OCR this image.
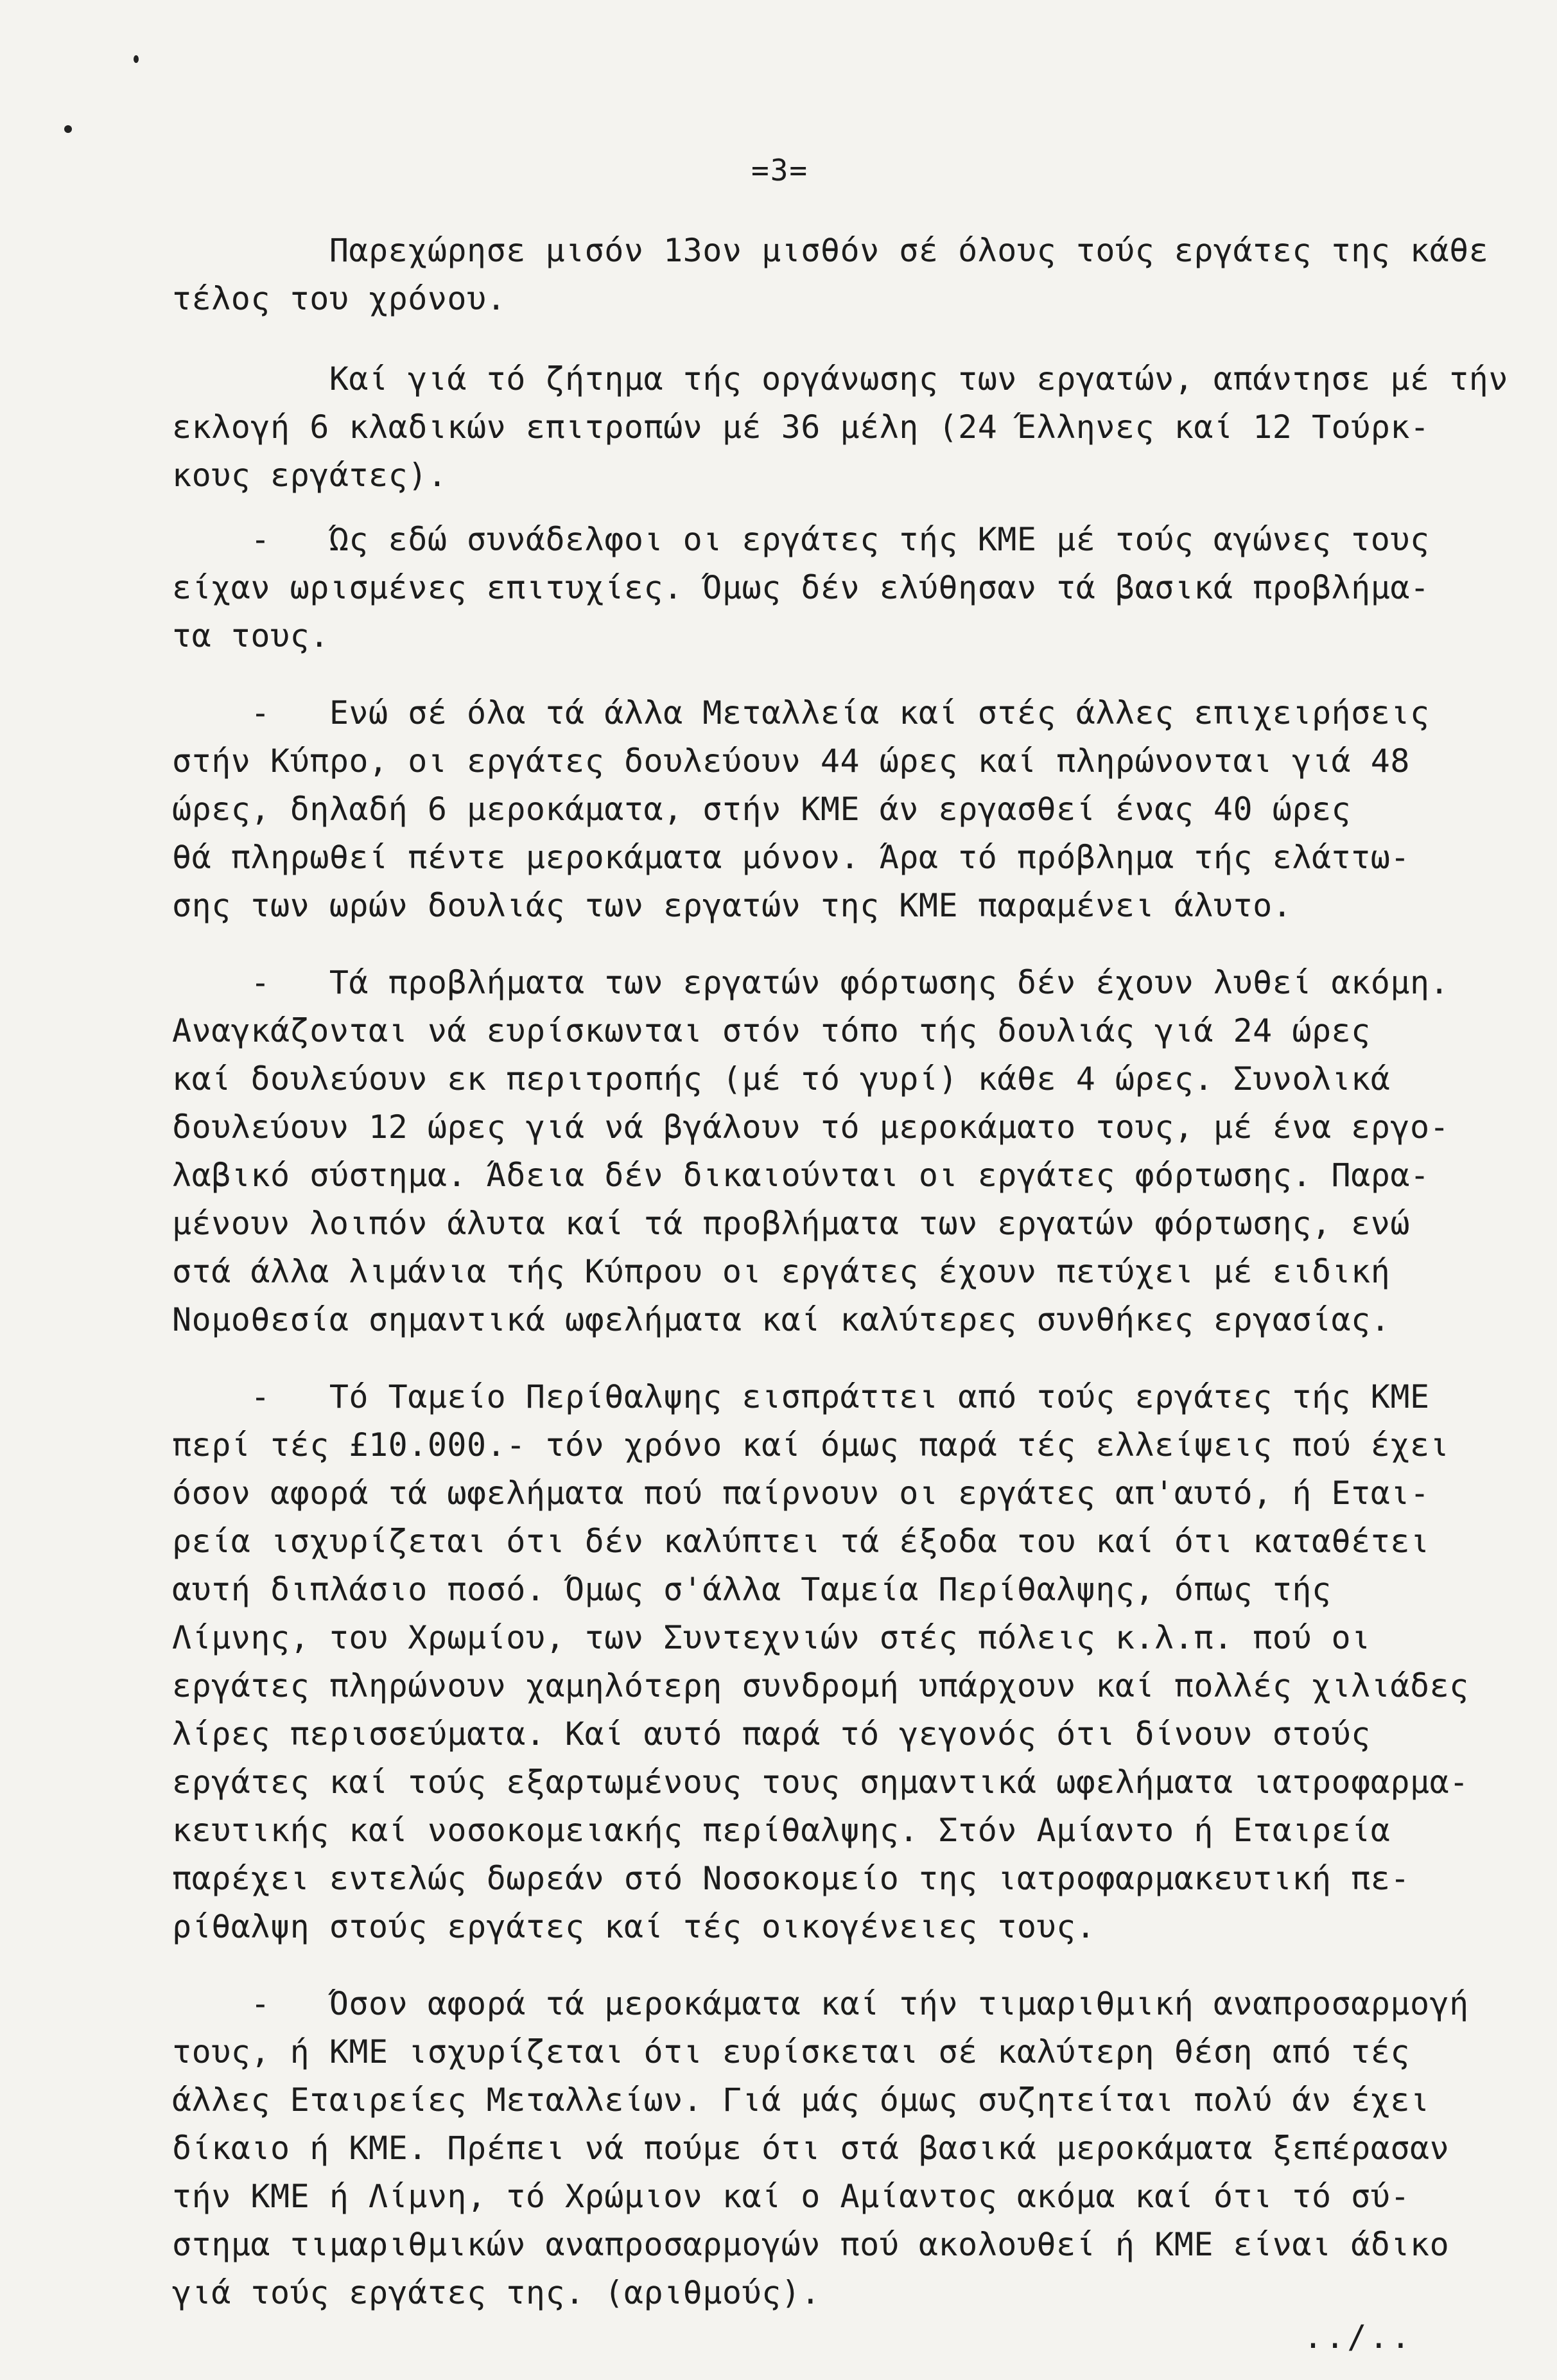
=3=
Παρεχώρησε μισόν 13ον μισθόν σέ όλους τούς εργάτες της κάθε
τέλος του χρόνου.
Καί γιά τό ζήτημα τής οργάνωσης των εργατών, απάντησε μέ τήν
εκλογή 6 κλαδικών επιτροπών μέ 36 μέλη (24 Έλληνες καί 12 Τούρκ-
κους εργάτες).
-   Ώς εδώ συνάδελφοι οι εργάτες τής ΚΜΕ μέ τούς αγώνες τους
είχαν ωρισμένες επιτυχίες. Όμως δέν ελύθησαν τά βασικά προβλήμα-
τα τους.
-   Ενώ σέ όλα τά άλλα Μεταλλεία καί στές άλλες επιχειρήσεις
στήν Κύπρο, οι εργάτες δουλεύουν 44 ώρες καί πληρώνονται γιά 48
ώρες, δηλαδή 6 μεροκάματα, στήν ΚΜΕ άν εργασθεί ένας 40 ώρες
θά πληρωθεί πέντε μεροκάματα μόνον. Άρα τό πρόβλημα τής ελάττω-
σης των ωρών δουλιάς των εργατών της ΚΜΕ παραμένει άλυτο.
-   Τά προβλήματα των εργατών φόρτωσης δέν έχουν λυθεί ακόμη.
Αναγκάζονται νά ευρίσκωνται στόν τόπο τής δουλιάς γιά 24 ώρες
καί δουλεύουν εκ περιτροπής (μέ τό γυρί) κάθε 4 ώρες. Συνολικά
δουλεύουν 12 ώρες γιά νά βγάλουν τό μεροκάματο τους, μέ ένα εργο-
λαβικό σύστημα. Άδεια δέν δικαιούνται οι εργάτες φόρτωσης. Παρα-
μένουν λοιπόν άλυτα καί τά προβλήματα των εργατών φόρτωσης, ενώ
στά άλλα λιμάνια τής Κύπρου οι εργάτες έχουν πετύχει μέ ειδική
Νομοθεσία σημαντικά ωφελήματα καί καλύτερες συνθήκες εργασίας.
-   Τό Ταμείο Περίθαλψης εισπράττει από τούς εργάτες τής ΚΜΕ
περί τές £10.000.- τόν χρόνο καί όμως παρά τές ελλείψεις πού έχει
όσον αφορά τά ωφελήματα πού παίρνουν οι εργάτες απ'αυτό, ή Εται-
ρεία ισχυρίζεται ότι δέν καλύπτει τά έξοδα του καί ότι καταθέτει
αυτή διπλάσιο ποσό. Όμως σ'άλλα Ταμεία Περίθαλψης, όπως τής
Λίμνης, του Χρωμίου, των Συντεχνιών στές πόλεις κ.λ.π. πού οι
εργάτες πληρώνουν χαμηλότερη συνδρομή υπάρχουν καί πολλές χιλιάδες
λίρες περισσεύματα. Καί αυτό παρά τό γεγονός ότι δίνουν στούς
εργάτες καί τούς εξαρτωμένους τους σημαντικά ωφελήματα ιατροφαρμα-
κευτικής καί νοσοκομειακής περίθαλψης. Στόν Αμίαντο ή Εταιρεία
παρέχει εντελώς δωρεάν στό Νοσοκομείο της ιατροφαρμακευτική πε-
ρίθαλψη στούς εργάτες καί τές οικογένειες τους.
-   Όσον αφορά τά μεροκάματα καί τήν τιμαριθμική αναπροσαρμογή
τους, ή ΚΜΕ ισχυρίζεται ότι ευρίσκεται σέ καλύτερη θέση από τές
άλλες Εταιρείες Μεταλλείων. Γιά μάς όμως συζητείται πολύ άν έχει
δίκαιο ή ΚΜΕ. Πρέπει νά πούμε ότι στά βασικά μεροκάματα ξεπέρασαν
τήν ΚΜΕ ή Λίμνη, τό Χρώμιον καί ο Αμίαντος ακόμα καί ότι τό σύ-
στημα τιμαριθμικών αναπροσαρμογών πού ακολουθεί ή ΚΜΕ είναι άδικο
γιά τούς εργάτες της. (αριθμούς).
../..
